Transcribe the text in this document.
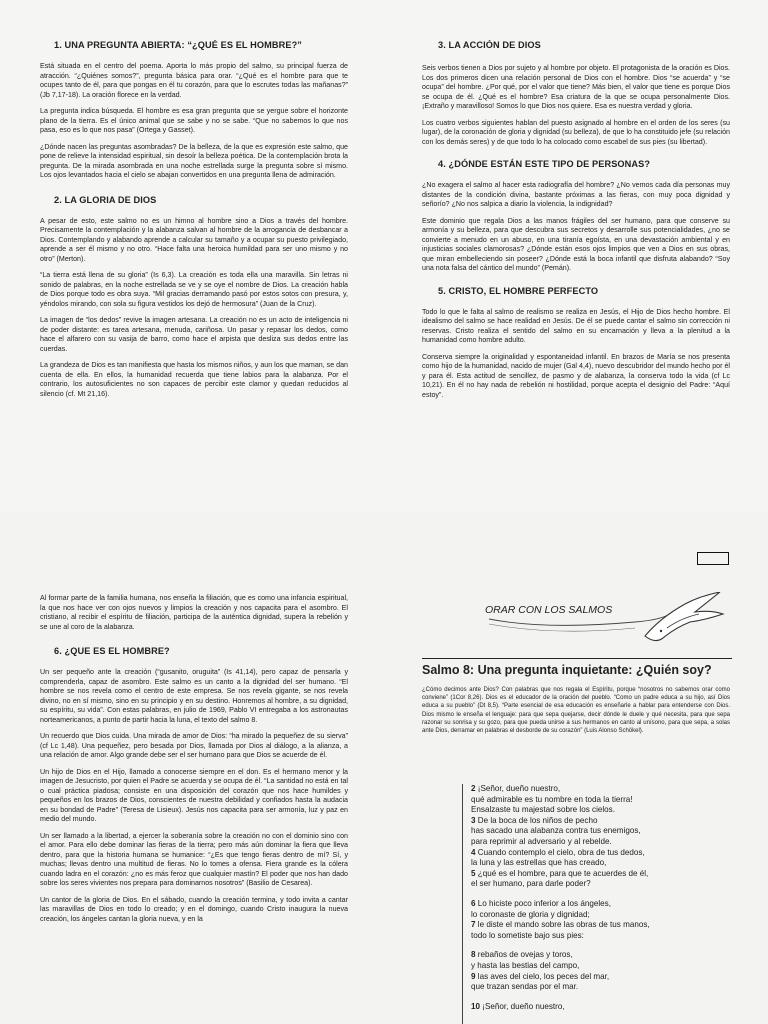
1. UNA PREGUNTA ABIERTA: “¿QUÉ ES EL HOMBRE?”

Está situada en el centro del poema. Aporta lo más propio del salmo, su principal fuerza de atracción. “¿Quiénes somos?”, pregunta básica para orar. “¿Qué es el hombre para que te ocupes tanto de él, para que pongas en él tu corazón, para que lo escrutes todas las mañanas?” (Jb 7,17-18). La oración florece en la verdad.

La pregunta indica búsqueda. El hombre es esa gran pregunta que se yergue sobre el horizonte plano de la tierra. Es el único animal que se sabe y no se sabe. “Que no sabemos lo que nos pasa, eso es lo que nos pasa” (Ortega y Gasset).

¿Dónde nacen las preguntas asombradas? De la belleza, de la que es expresión este salmo, que pone de relieve la intensidad espiritual, sin desoír la belleza poética. De la contemplación brota la pregunta. De la mirada asombrada en una noche estrellada surge la pregunta sobre sí mismo. Los ojos levantados hacia el cielo se abajan convertidos en una pregunta llena de admiración.

2. LA GLORIA DE DIOS

A pesar de esto, este salmo no es un himno al hombre sino a Dios a través del hombre. Precisamente la contemplación y la alabanza salvan al hombre de la arrogancia de desbancar a Dios. Contemplando y alabando aprende a calcular su tamaño y a ocupar su puesto privilegiado, aprende a ser él mismo y no otro. “Hace falta una heroica humildad para ser uno mismo y no otro” (Merton).

“La tierra está llena de su gloria” (Is 6,3). La creación es toda ella una maravilla. Sin letras ni sonido de palabras, en la noche estrellada se ve y se oye el nombre de Dios. La creación habla de Dios porque todo es obra suya. “Mil gracias derramando pasó por estos sotos con presura, y, yéndolos mirando, con sola su figura vestidos los dejó de hermosura” (Juan de la Cruz).

La imagen de “los dedos” revive la imagen artesana. La creación no es un acto de inteligencia ni de poder distante: es tarea artesana, menuda, cariñosa. Un pasar y repasar los dedos, como hace el alfarero con su vasija de barro, como hace el arpista que desliza sus dedos entre las cuerdas.

La grandeza de Dios es tan manifiesta que hasta los mismos niños, y aun los que maman, se dan cuenta de ella. En ellos, la humanidad recuerda que tiene labios para la alabanza. Por el contrario, los autosuficientes no son capaces de percibir este clamor y quedan reducidos al silencio (cf. Mt 21,16).

3. LA ACCIÓN DE DIOS

Seis verbos tienen a Dios por sujeto y al hombre por objeto. El protagonista de la oración es Dios. Los dos primeros dicen una relación personal de Dios con el hombre. Dios “se acuerda” y “se ocupa” del hombre. ¿Por qué, por el valor que tiene? Más bien, el valor que tiene es porque Dios se ocupa de él. ¿Qué es el hombre? Esa criatura de la que se ocupa personalmente Dios. ¡Extraño y maravilloso! Somos lo que Dios nos quiere. Esa es nuestra verdad y gloria.

Los cuatro verbos siguientes hablan del puesto asignado al hombre en el orden de los seres (su lugar), de la coronación de gloria y dignidad (su belleza), de que lo ha constituido jefe (su relación con los demás seres) y de que todo lo ha colocado como escabel de sus pies (su libertad).

4. ¿DÓNDE ESTÁN ESTE TIPO DE PERSONAS?

¿No exagera el salmo al hacer esta radiografía del hombre? ¿No vemos cada día personas muy distantes de la condición divina, bastante próximas a las fieras, con muy poca dignidad y señorío? ¿No nos salpica a diario la violencia, la indignidad?

Este dominio que regala Dios a las manos frágiles del ser humano, para que conserve su armonía y su belleza, para que descubra sus secretos y desarrolle sus potencialidades, ¿no se convierte a menudo en un abuso, en una tiranía egoísta, en una devastación ambiental y en injusticias sociales clamorosas? ¿Dónde están esos ojos limpios que ven a Dios en sus obras, que miran embelleciendo sin poseer? ¿Dónde está la boca infantil que disfruta alabando? “Soy una nota falsa del cántico del mundo” (Pemán).

5. CRISTO, EL HOMBRE PERFECTO

Todo lo que le falta al salmo de realismo se realiza en Jesús, el Hijo de Dios hecho hombre. El idealismo del salmo se hace realidad en Jesús. De él se puede cantar el salmo sin corrección ni reservas. Cristo realiza el sentido del salmo en su encarnación y lleva a la plenitud a la humanidad como hombre adulto.

Conserva siempre la originalidad y espontaneidad infantil. En brazos de María se nos presenta como hijo de la humanidad, nacido de mujer (Gal 4,4), nuevo descubridor del mundo hecho por él y para él. Esta actitud de sencillez, de pasmo y de alabanza, la conserva todo la vida (cf Lc 10,21). En él no hay nada de rebelión ni hostilidad, porque acepta el designio del Padre: “Aquí estoy”.

Al formar parte de la familia humana, nos enseña la filiación, que es como una infancia espiritual, la que nos hace ver con ojos nuevos y limpios la creación y nos capacita para el asombro. El cristiano, al recibir el espíritu de filiación, participa de la auténtica dignidad, supera la rebelión y se une al coro de la alabanza.

6. ¿QUE ES EL HOMBRE?

Un ser pequeño ante la creación (“gusanito, oruguita” (Is 41,14), pero capaz de pensarla y comprenderla, capaz de asombro. Este salmo es un canto a la dignidad del ser humano. “El hombre se nos revela como el centro de este empresa. Se nos revela gigante, se nos revela divino, no en sí mismo, sino en su principio y en su destino. Honremos al hombre, a su dignidad, su espíritu, su vida”. Con estas palabras, en julio de 1969, Pablo VI entregaba a los astronautas norteamericanos, a punto de partir hacia la luna, el texto del salmo 8.

Un recuerdo que Dios cuida. Una mirada de amor de Dios: “ha mirado la pequeñez de su sierva” (cf Lc 1,48). Una pequeñez, pero besada por Dios, llamada por Dios al diálogo, a la alianza, a una relación de amor. Algo grande debe ser el ser humano para que Dios se acuerde de él.

Un hijo de Dios en el Hijo, llamado a conocerse siempre en el don. Es el hermano menor y la imagen de Jesucristo, por quien el Padre se acuerda y se ocupa de él. “La santidad no está en tal o cual práctica piadosa; consiste en una disposición del corazón que nos hace humildes y pequeños en los brazos de Dios, conscientes de nuestra debilidad y confiados hasta la audacia en su bondad de Padre” (Teresa de Lisieux). Jesús nos capacita para ser armonía, luz y paz en medio del mundo.

Un ser llamado a la libertad, a ejercer la soberanía sobre la creación no con el dominio sino con el amor. Para ello debe dominar las fieras de la tierra; pero más aún dominar la fiera que lleva dentro, para que la historia humana se humanice: “¿Es que tengo fieras dentro de mí? Sí, y muchas; llevas dentro una multitud de fieras. No lo tomes a ofensa. Fiera grande es la cólera cuando ladra en el corazón: ¿no es más feroz que cualquier mastín? El poder que nos han dado sobre los seres vivientes nos prepara para dominarnos nosotros” (Basilio de Cesarea).

Un cantor de la gloria de Dios. En el sábado, cuando la creación termina, y todo invita a cantar las maravillas de Dios en todo lo creado; y en el domingo, cuando Cristo inaugura la nueva creación, los ángeles cantan la gloria nueva, y en la

ORAR CON LOS SALMOS
Salmo 8: Una pregunta inquietante: ¿Quién soy?

¿Cómo decimos ante Dios? Con palabras que nos regala el Espíritu, porque “nosotros no sabemos orar como conviene” (1Cor 8,26). Dios es el educador de la oración del pueblo. “Como un padre educa a su hijo, así Dios educa a su pueblo” (Dt 8,5). “Parte esencial de esa educación es enseñarle a hablar para entenderse con Dios. Dios mismo le enseña el lenguaje: para que sepa quejarse, decir dónde le duele y qué necesita, para que sepa razonar su sonrisa y su gozo, para que pueda unirse a sus hermanos en canto al unísono, para que sepa, a solas ante Dios, derramar en palabras el desborde de su corazón” (Luis Alonso Schökel).

2 ¡Señor, dueño nuestro,

qué admirable es tu nombre en toda la tierra!

Ensalzaste tu majestad sobre los cielos.

3 De la boca de los niños de pecho

has sacado una alabanza contra tus enemigos,

para reprimir al adversario y al rebelde.

4 Cuando contemplo el cielo, obra de tus dedos,

la luna y las estrellas que has creado,

5 ¿qué es el hombre, para que te acuerdes de él,

el ser humano, para darle poder?

6 Lo hiciste poco inferior a los ángeles,

lo coronaste de gloria y dignidad;

7 le diste el mando sobre las obras de tus manos,

todo lo sometiste bajo sus pies:

8 rebaños de ovejas y toros,

y hasta las bestias del campo,

9 las aves del cielo, los peces del mar,

que trazan sendas por el mar.

10 ¡Señor, dueño nuestro,
